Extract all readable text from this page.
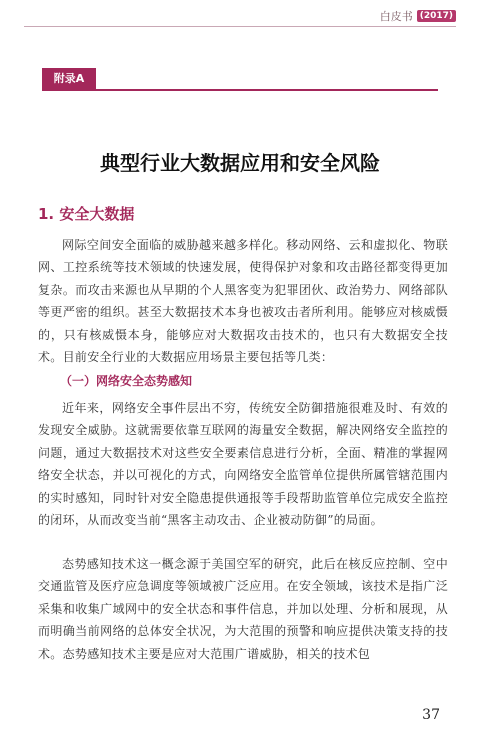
白皮书 (2017)
附录A
典型行业大数据应用和安全风险
1. 安全大数据

网际空间安全面临的威胁越来越多样化。移动网络、云和虚拟化、物联网、工控系统等技术领域的快速发展，使得保护对象和攻击路径都变得更加复杂。而攻击来源也从早期的个人黑客变为犯罪团伙、政治势力、网络部队等更严密的组织。甚至大数据技术本身也被攻击者所利用。能够应对核威慑的，只有核威慑本身，能够应对大数据攻击技术的，也只有大数据安全技术。目前安全行业的大数据应用场景主要包括等几类：

（一）网络安全态势感知

近年来，网络安全事件层出不穷，传统安全防御措施很难及时、有效的发现安全威胁。这就需要依靠互联网的海量安全数据，解决网络安全监控的问题，通过大数据技术对这些安全要素信息进行分析，全面、精准的掌握网络安全状态，并以可视化的方式，向网络安全监管单位提供所属管辖范围内的实时感知，同时针对安全隐患提供通报等手段帮助监管单位完成安全监控的闭环，从而改变当前“黑客主动攻击、企业被动防御”的局面。

态势感知技术这一概念源于美国空军的研究，此后在核反应控制、空中交通监管及医疗应急调度等领域被广泛应用。在安全领域，该技术是指广泛采集和收集广域网中的安全状态和事件信息，并加以处理、分析和展现，从而明确当前网络的总体安全状况，为大范围的预警和响应提供决策支持的技术。态势感知技术主要是应对大范围广谱威胁，相关的技术包

37
